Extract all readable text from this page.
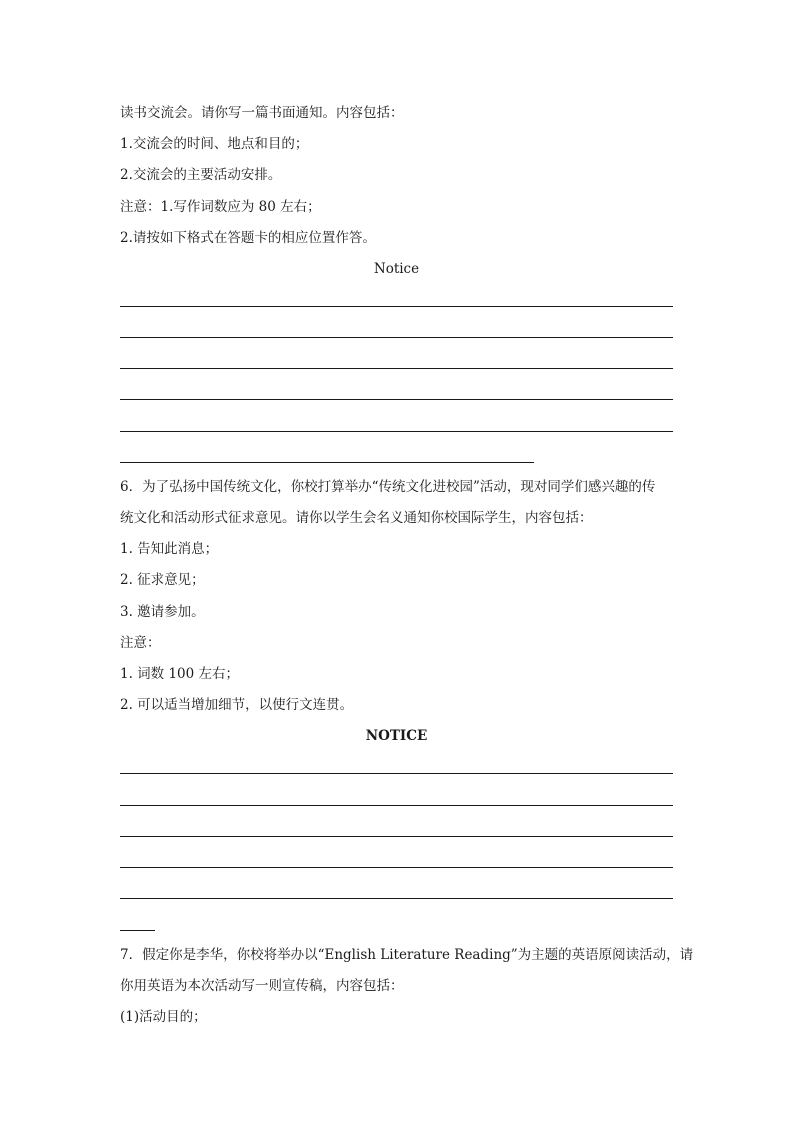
读书交流会。请你写一篇书面通知。内容包括：
1.交流会的时间、地点和目的；
2.交流会的主要活动安排。
注意：1.写作词数应为 80 左右；
2.请按如下格式在答题卡的相应位置作答。
Notice
6．为了弘扬中国传统文化，你校打算举办“传统文化进校园”活动，现对同学们感兴趣的传
统文化和活动形式征求意见。请你以学生会名义通知你校国际学生，内容包括：
1. 告知此消息；
2. 征求意见；
3. 邀请参加。
注意：
1. 词数 100 左右；
2. 可以适当增加细节，以使行文连贯。
NOTICE
7．假定你是李华，你校将举办以“English Literature Reading”为主题的英语原阅读活动，请
你用英语为本次活动写一则宣传稿，内容包括：
(1)活动目的；
